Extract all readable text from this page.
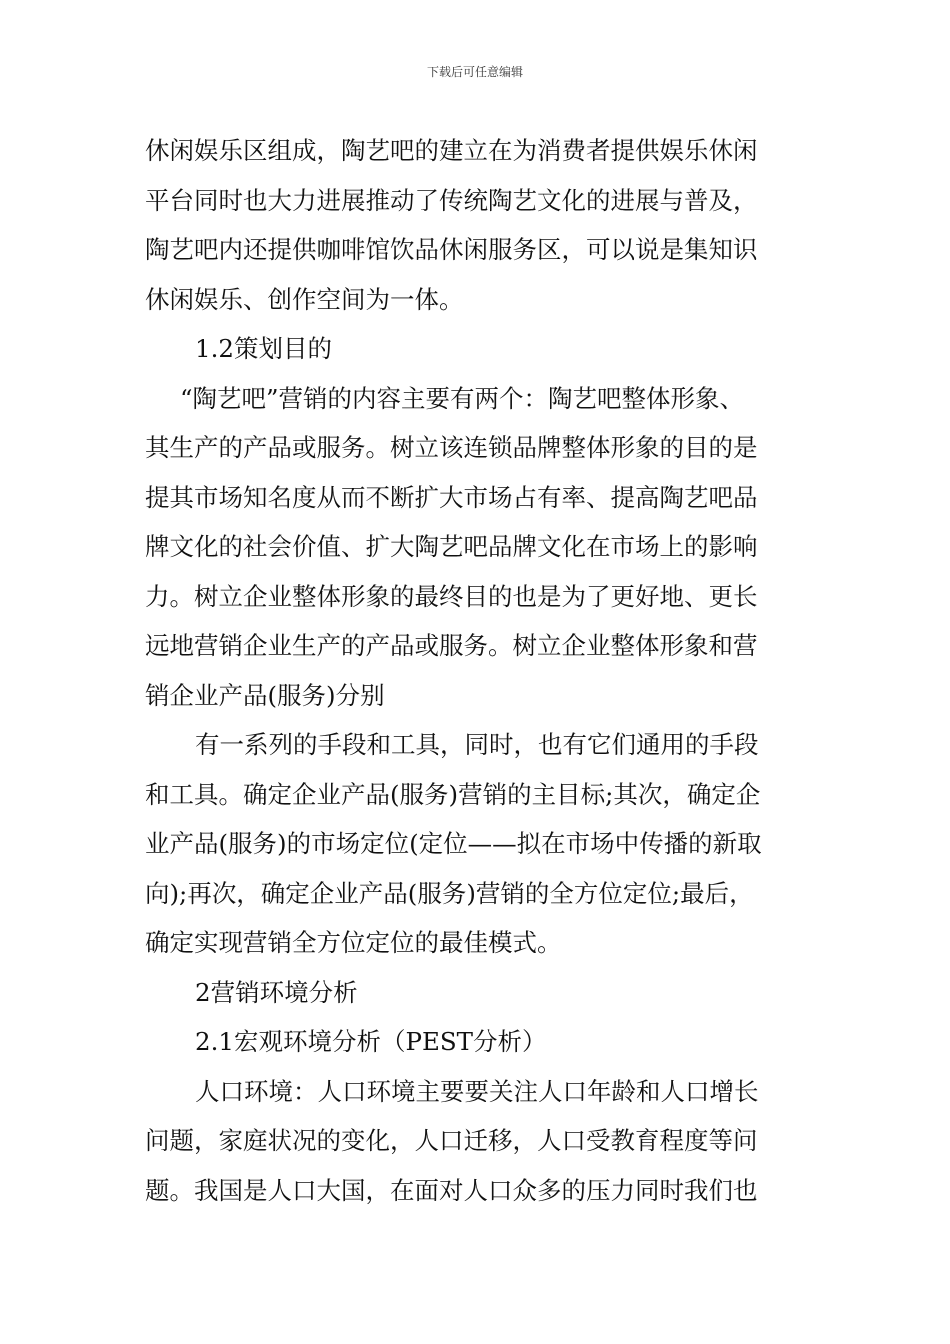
下载后可任意编辑
休闲娱乐区组成，陶艺吧的建立在为消费者提供娱乐休闲
平台同时也大力进展推动了传统陶艺文化的进展与普及，
陶艺吧内还提供咖啡馆饮品休闲服务区，可以说是集知识
休闲娱乐、创作空间为一体。
1.2策划目的
“陶艺吧”营销的内容主要有两个：陶艺吧整体形象、
其生产的产品或服务。树立该连锁品牌整体形象的目的是
提其市场知名度从而不断扩大市场占有率、提高陶艺吧品
牌文化的社会价值、扩大陶艺吧品牌文化在市场上的影响
力。树立企业整体形象的最终目的也是为了更好地、更长
远地营销企业生产的产品或服务。树立企业整体形象和营
销企业产品(服务)分别
有一系列的手段和工具，同时，也有它们通用的手段
和工具。确定企业产品(服务)营销的主目标;其次，确定企
业产品(服务)的市场定位(定位——拟在市场中传播的新取
向);再次，确定企业产品(服务)营销的全方位定位;最后，
确定实现营销全方位定位的最佳模式。
2营销环境分析
2.1宏观环境分析（PEST分析）
人口环境：人口环境主要要关注人口年龄和人口增长
问题，家庭状况的变化，人口迁移，人口受教育程度等问
题。我国是人口大国，在面对人口众多的压力同时我们也
